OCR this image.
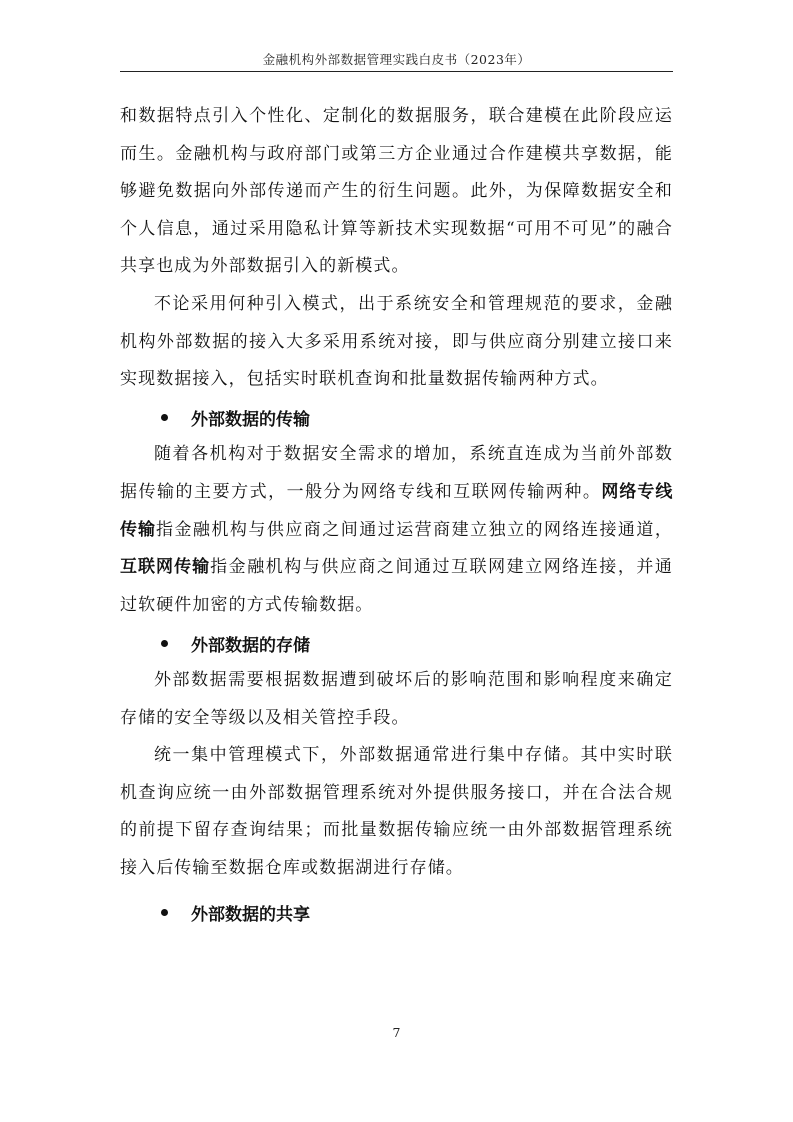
金融机构外部数据管理实践白皮书（2023年）

和数据特点引入个性化、定制化的数据服务，联合建模在此阶段应运而生。金融机构与政府部门或第三方企业通过合作建模共享数据，能够避免数据向外部传递而产生的衍生问题。此外，为保障数据安全和个人信息，通过采用隐私计算等新技术实现数据“可用不可见”的融合共享也成为外部数据引入的新模式。

不论采用何种引入模式，出于系统安全和管理规范的要求，金融机构外部数据的接入大多采用系统对接，即与供应商分别建立接口来实现数据接入，包括实时联机查询和批量数据传输两种方式。

外部数据的传输

随着各机构对于数据安全需求的增加，系统直连成为当前外部数据传输的主要方式，一般分为网络专线和互联网传输两种。网络专线传输指金融机构与供应商之间通过运营商建立独立的网络连接通道，互联网传输指金融机构与供应商之间通过互联网建立网络连接，并通过软硬件加密的方式传输数据。

外部数据的存储

外部数据需要根据数据遭到破坏后的影响范围和影响程度来确定存储的安全等级以及相关管控手段。

统一集中管理模式下，外部数据通常进行集中存储。其中实时联机查询应统一由外部数据管理系统对外提供服务接口，并在合法合规的前提下留存查询结果；而批量数据传输应统一由外部数据管理系统接入后传输至数据仓库或数据湖进行存储。

外部数据的共享
7
